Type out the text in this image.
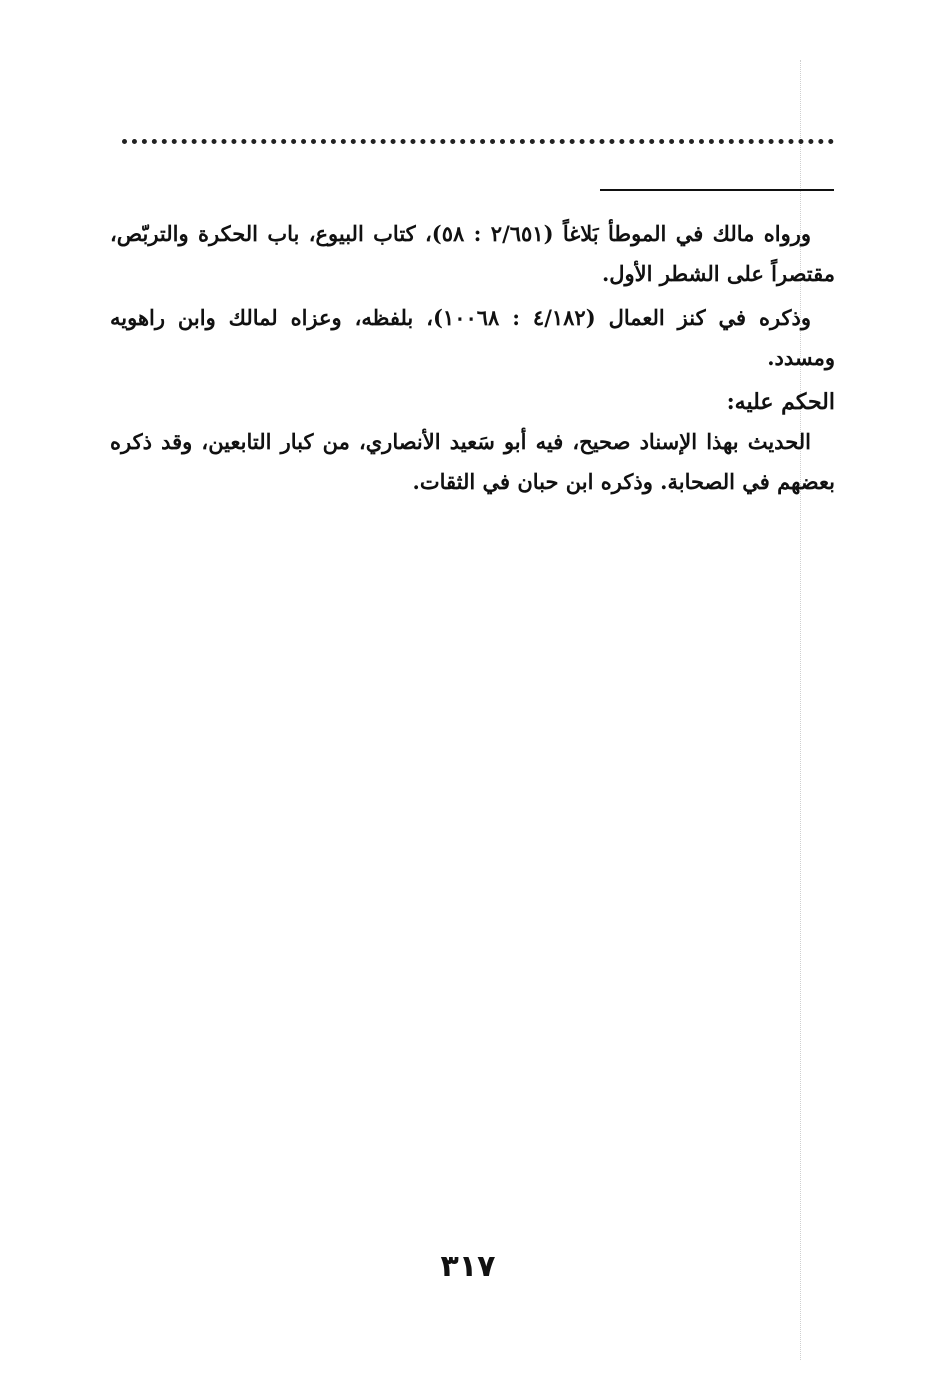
ورواه مالك في الموطأ بَلاغاً (٢/٦٥١ : ٥٨)، كتاب البيوع، باب الحكرة والتربّص، مقتصراً على الشطر الأول.

وذكره في كنز العمال (٤/١٨٢ : ١٠٠٦٨)، بلفظه، وعزاه لمالك وابن راهويه ومسدد.

الحكم عليه:

الحديث بهذا الإسناد صحيح، فيه أبو سَعيد الأنصاري، من كبار التابعين، وقد ذكره بعضهم في الصحابة. وذكره ابن حبان في الثقات.

٣١٧
